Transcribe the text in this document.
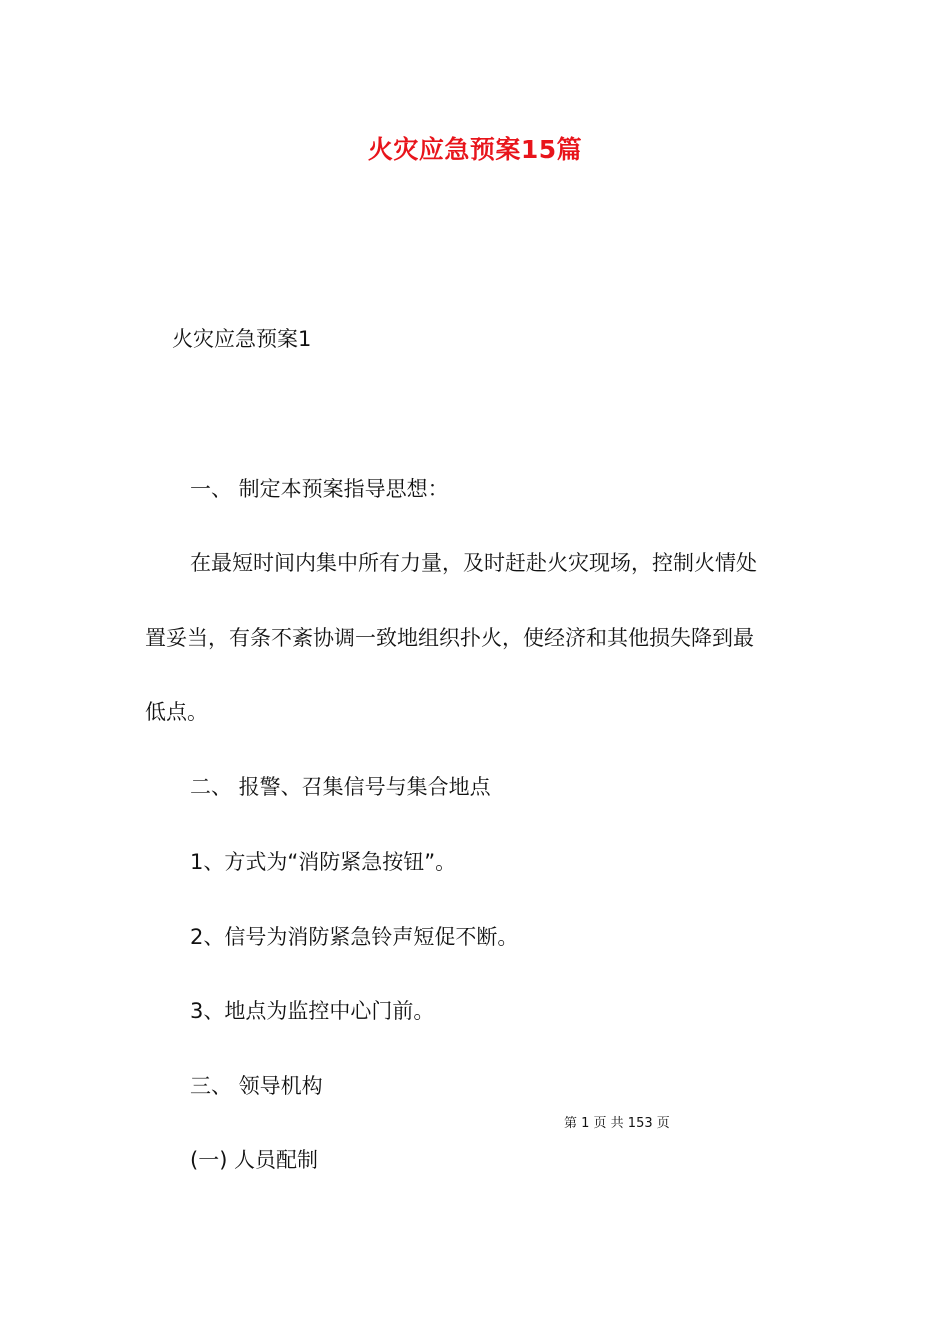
火灾应急预案15篇
火灾应急预案1
一、 制定本预案指导思想：
在最短时间内集中所有力量，及时赶赴火灾现场，控制火情处
置妥当，有条不紊协调一致地组织扑火，使经济和其他损失降到最
低点。
二、 报警、召集信号与集合地点
1、方式为“消防紧急按钮”。
2、信号为消防紧急铃声短促不断。
3、地点为监控中心门前。
三、 领导机构
第 1 页 共 153 页
(一) 人员配制
